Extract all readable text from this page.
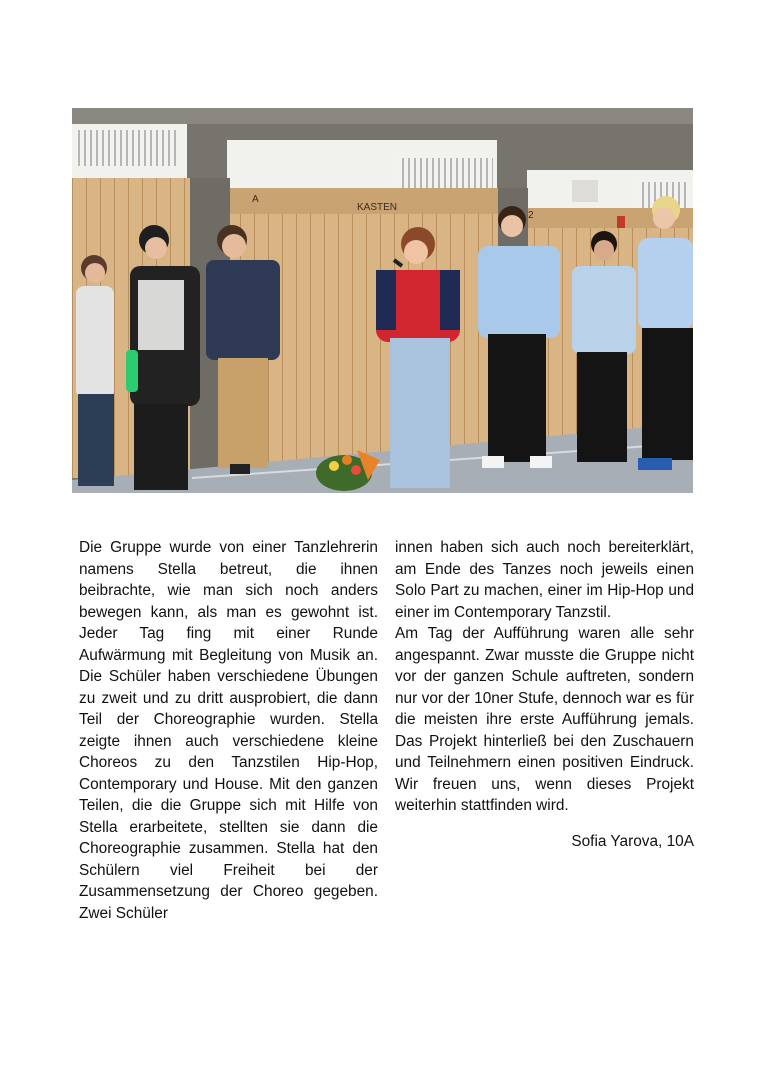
A
KASTEN
2

Die Gruppe wurde von einer Tanzlehrerin namens Stella betreut, die ihnen beibrachte, wie man sich noch anders bewegen kann, als man es gewohnt ist. Jeder Tag fing mit einer Runde Aufwärmung mit Begleitung von Musik an. Die Schüler haben verschiedene Übungen zu zweit und zu dritt ausprobiert, die dann Teil der Choreographie wurden. Stella zeigte ihnen auch verschiedene kleine Choreos zu den Tanzstilen Hip-Hop, Contemporary und House. Mit den ganzen Teilen, die die Gruppe sich mit Hilfe von Stella erarbeitete, stellten sie dann die Choreographie zusammen. Stella hat den Schülern viel Freiheit bei der Zusammensetzung der Choreo gegeben. Zwei Schüler

innen haben sich auch noch bereiterklärt, am Ende des Tanzes noch jeweils einen Solo Part zu machen, einer im Hip-Hop und einer im Contemporary Tanzstil.

Am Tag der Aufführung waren alle sehr angespannt. Zwar musste die Gruppe nicht vor der ganzen Schule auftreten, sondern nur vor der 10ner Stufe, dennoch war es für die meisten ihre erste Aufführung jemals. Das Projekt hinterließ bei den Zuschauern und Teilnehmern einen positiven Eindruck. Wir freuen uns, wenn dieses Projekt weiterhin stattfinden wird.

Sofia Yarova, 10A
